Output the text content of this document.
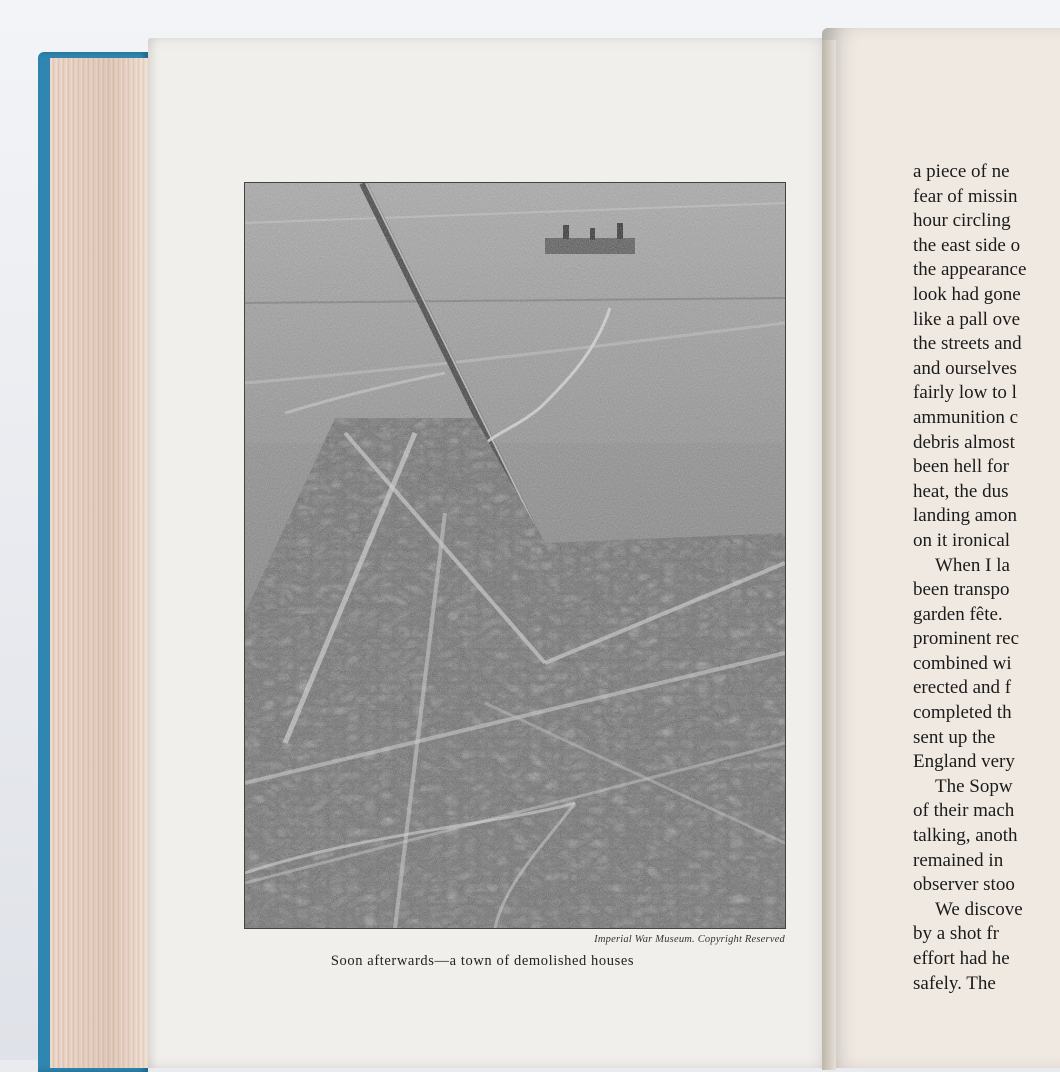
Imperial War Museum. Copyright Reserved
Soon afterwards—a town of demolished houses
a piece of ne
fear of missin
hour circling
the east side o
the appearance
look had gone
like a pall ove
the streets and
and ourselves
fairly low to l
ammunition c
debris almost
been hell for
heat, the dus
landing amon
on it ironical
When I la
been transpo
garden fête.
prominent rec
combined wi
erected and f
completed th
sent up the
England very
The Sopw
of their mach
talking, anoth
remained in
observer stoo
We discove
by a shot fr
effort had he
safely. The
